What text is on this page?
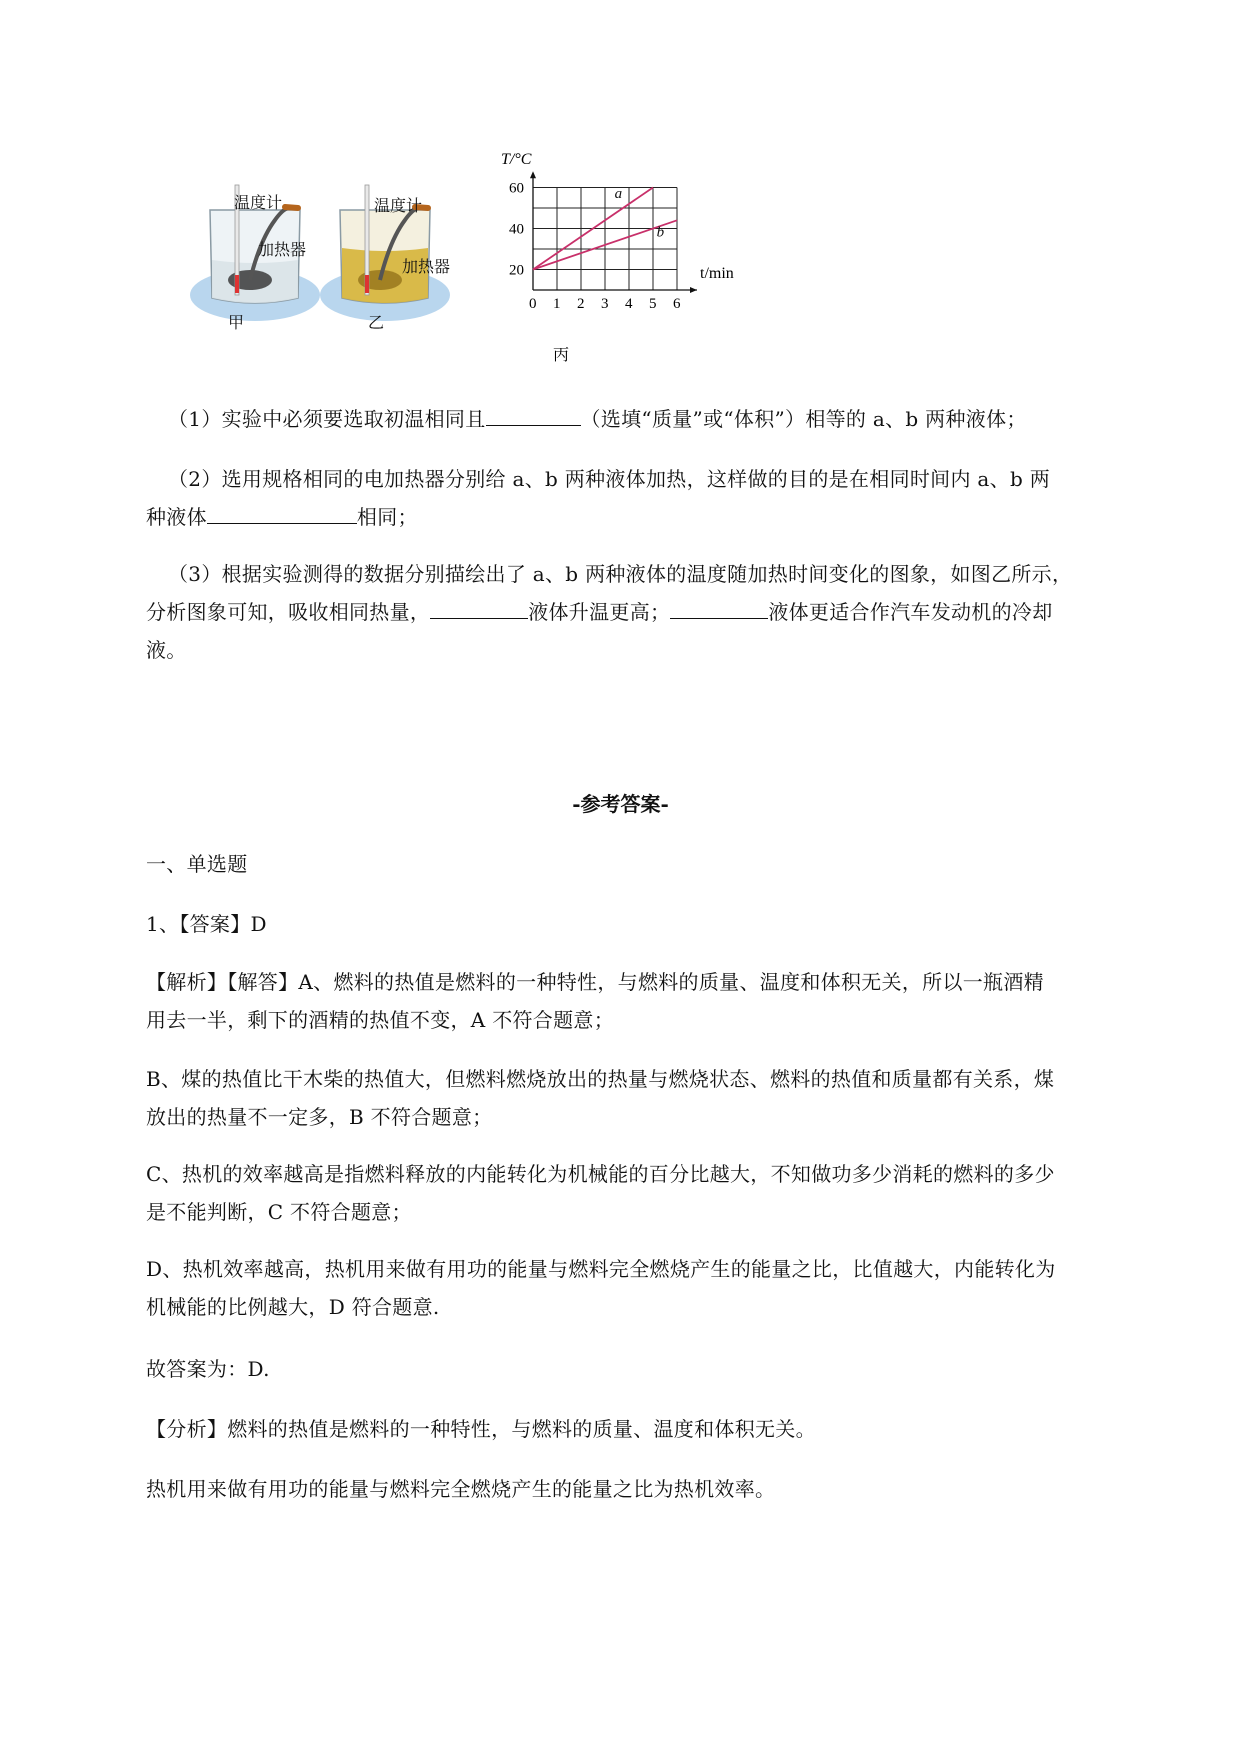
温度计
加热器
甲
温度计
加热器
乙
a
b
0 1 2 3 4 5 6
20
40
60
T/°C
t/min
丙
（1）实验中必须要选取初温相同且	（选填“质量”或“体积”）相等的 a、b 两种液体；
（2）选用规格相同的电加热器分别给 a、b 两种液体加热，这样做的目的是在相同时间内 a、b 两
种液体	相同；
（3）根据实验测得的数据分别描绘出了 a、b 两种液体的温度随加热时间变化的图象，如图乙所示，
分析图象可知，吸收相同热量，	液体升温更高；	液体更适合作汽车发动机的冷却
液。
-参考答案-
一、单选题
1、【答案】D
【解析】【解答】A、燃料的热值是燃料的一种特性，与燃料的质量、温度和体积无关，所以一瓶酒精
用去一半，剩下的酒精的热值不变，A 不符合题意；
B、煤的热值比干木柴的热值大，但燃料燃烧放出的热量与燃烧状态、燃料的热值和质量都有关系，煤
放出的热量不一定多，B 不符合题意；
C、热机的效率越高是指燃料释放的内能转化为机械能的百分比越大，不知做功多少消耗的燃料的多少
是不能判断，C 不符合题意；
D、热机效率越高，热机用来做有用功的能量与燃料完全燃烧产生的能量之比，比值越大，内能转化为
机械能的比例越大，D 符合题意.
故答案为：D.
【分析】燃料的热值是燃料的一种特性，与燃料的质量、温度和体积无关。
热机用来做有用功的能量与燃料完全燃烧产生的能量之比为热机效率。
